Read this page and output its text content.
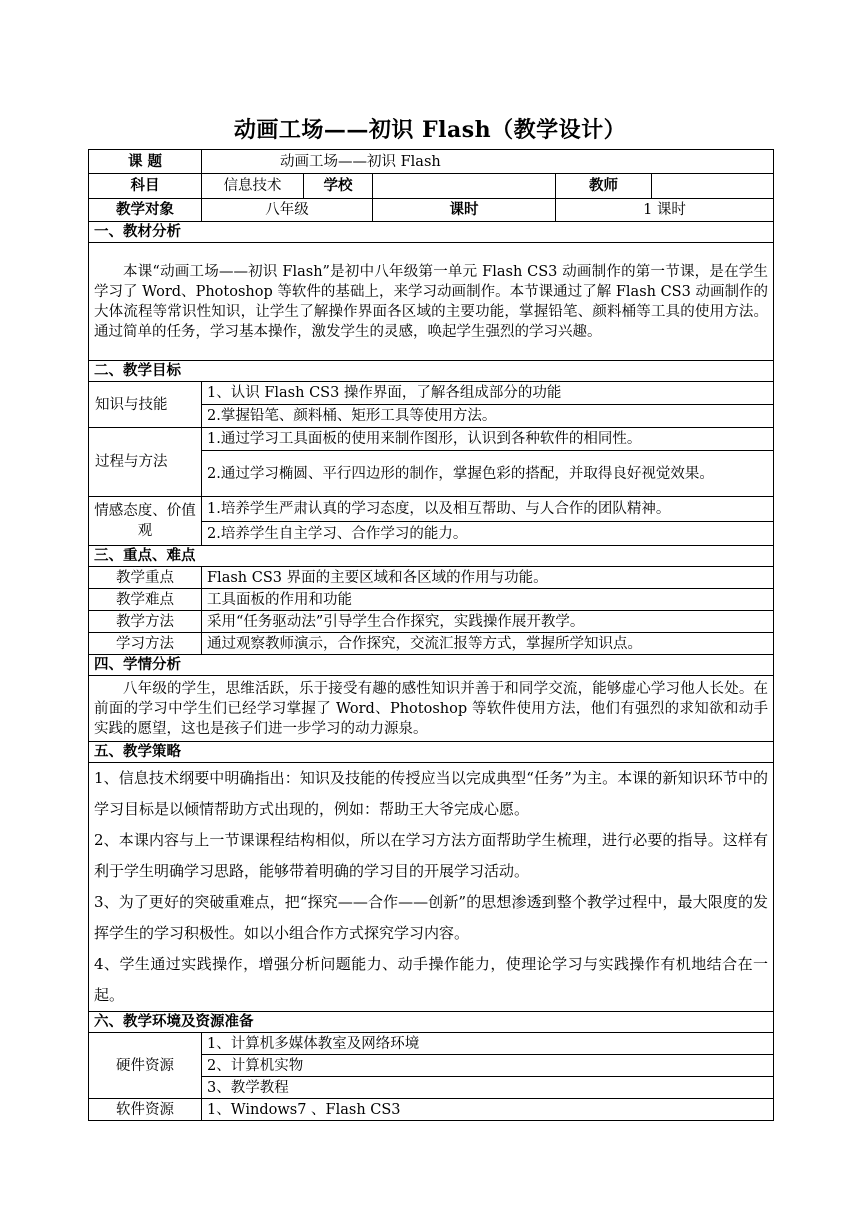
动画工场——初识 Flash（教学设计）
课 题	动画工场——初识 Flash				
科目	信息技术	学校		教师	
教学对象	八年级		课时	1 课时	
一、教材分析					
本课“动画工场——初识 Flash”是初中八年级第一单元 Flash CS3 动画制作的第一节课，是在学生学习了 Word、Photoshop 等软件的基础上，来学习动画制作。本节课通过了解 Flash CS3 动画制作的大体流程等常识性知识，让学生了解操作界面各区域的主要功能，掌握铅笔、颜料桶等工具的使用方法。通过简单的任务，学习基本操作，激发学生的灵感，唤起学生强烈的学习兴趣。					
二、教学目标					
知识与技能	1、认识 Flash CS3 操作界面，了解各组成部分的功能				
	2.掌握铅笔、颜料桶、矩形工具等使用方法。				
过程与方法	1.通过学习工具面板的使用来制作图形，认识到各种软件的相同性。				
	2.通过学习椭圆、平行四边形的制作，掌握色彩的搭配，并取得良好视觉效果。				
情感态度、价值观	1.培养学生严肃认真的学习态度，以及相互帮助、与人合作的团队精神。				
	2.培养学生自主学习、合作学习的能力。				
三、重点、难点					
教学重点	Flash CS3 界面的主要区域和各区域的作用与功能。				
教学难点	工具面板的作用和功能				
教学方法	采用“任务驱动法”引导学生合作探究，实践操作展开教学。				
学习方法	通过观察教师演示，合作探究，交流汇报等方式，掌握所学知识点。				
四、学情分析					
八年级的学生，思维活跃，乐于接受有趣的感性知识并善于和同学交流，能够虚心学习他人长处。在前面的学习中学生们已经学习掌握了 Word、Photoshop 等软件使用方法，他们有强烈的求知欲和动手实践的愿望，这也是孩子们进一步学习的动力源泉。					
五、教学策略					

1、信息技术纲要中明确指出：知识及技能的传授应当以完成典型“任务”为主。本课的新知识环节中的学习目标是以倾情帮助方式出现的，例如：帮助王大爷完成心愿。

2、本课内容与上一节课课程结构相似，所以在学习方法方面帮助学生梳理，进行必要的指导。这样有利于学生明确学习思路，能够带着明确的学习目的开展学习活动。

3、为了更好的突破重难点，把“探究——合作——创新”的思想渗透到整个教学过程中，最大限度的发挥学生的学习积极性。如以小组合作方式探究学习内容。

4、学生通过实践操作，增强分析问题能力、动手操作能力，使理论学习与实践操作有机地结合在一起。					

六、教学环境及资源准备					
硬件资源	1、计算机多媒体教室及网络环境				
	2、计算机实物				
	3、教学教程				
软件资源	1、Windows7 、Flash CS3				
